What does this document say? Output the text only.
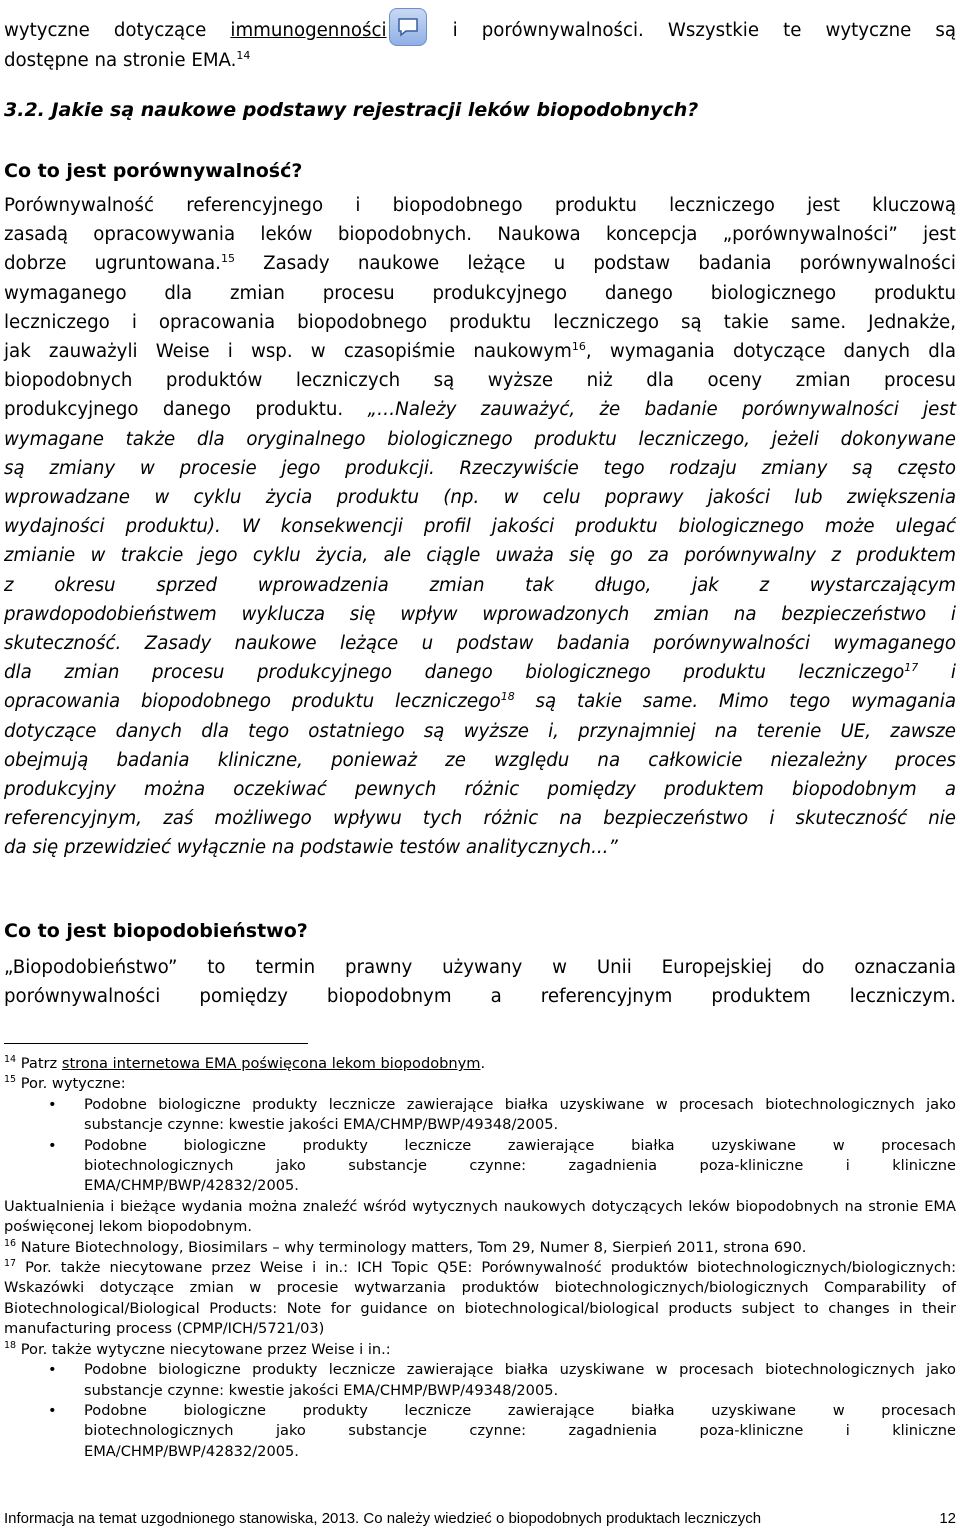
wytyczne dotyczące immunogenności	i porównywalności. Wszystkie te wytyczne są
dostępne na stronie EMA.$^{14}$
3.2. Jakie są naukowe podstawy rejestracji leków biopodobnych?
Co to jest porównywalność?
Porównywalność referencyjnego i biopodobnego produktu leczniczego jest kluczową
zasadą opracowywania leków biopodobnych. Naukowa koncepcja „porównywalności” jest
dobrze ugruntowana.$^{15}$ Zasady naukowe leżące u podstaw badania porównywalności
wymaganego dla zmian procesu produkcyjnego danego biologicznego produktu
leczniczego i opracowania biopodobnego produktu leczniczego są takie same. Jednakże,
jak zauważyli Weise i wsp. w czasopiśmie naukowym$^{16}$, wymagania dotyczące danych dla
biopodobnych produktów leczniczych są wyższe niż dla oceny zmian procesu
produkcyjnego danego produktu. „…Należy zauważyć, że badanie porównywalności jest
wymagane także dla oryginalnego biologicznego produktu leczniczego, jeżeli dokonywane
są zmiany w procesie jego produkcji. Rzeczywiście tego rodzaju zmiany są często
wprowadzane w cyklu życia produktu (np. w celu poprawy jakości lub zwiększenia
wydajności produktu). W konsekwencji profil jakości produktu biologicznego może ulegać
zmianie w trakcie jego cyklu życia, ale ciągle uważa się go za porównywalny z produktem
z okresu sprzed wprowadzenia zmian tak długo, jak z wystarczającym
prawdopodobieństwem wyklucza się wpływ wprowadzonych zmian na bezpieczeństwo i
skuteczność. Zasady naukowe leżące u podstaw badania porównywalności wymaganego
dla zmian procesu produkcyjnego danego biologicznego produktu leczniczego$^{17}$ i
opracowania biopodobnego produktu leczniczego$^{18}$ są takie same. Mimo tego wymagania
dotyczące danych dla tego ostatniego są wyższe i, przynajmniej na terenie UE, zawsze
obejmują badania kliniczne, ponieważ ze względu na całkowicie niezależny proces
produkcyjny można oczekiwać pewnych różnic pomiędzy produktem biopodobnym a
referencyjnym, zaś możliwego wpływu tych różnic na bezpieczeństwo i skuteczność nie
da się przewidzieć wyłącznie na podstawie testów analitycznych...”
Co to jest biopodobieństwo?
„Biopodobieństwo” to termin prawny używany w Unii Europejskiej do oznaczania
porównywalności pomiędzy biopodobnym a referencyjnym produktem leczniczym.

$^{14}$ Patrz strona internetowa EMA poświęcona lekom biopodobnym.

$^{15}$ Por. wytyczne:

• Podobne biologiczne produkty lecznicze zawierające białka uzyskiwane w procesach biotechnologicznych jako substancje czynne: kwestie jakości EMA/CHMP/BWP/49348/2005.

• Podobne biologiczne produkty lecznicze zawierające białka uzyskiwane w procesach
biotechnologicznych jako substancje czynne: zagadnienia poza-kliniczne i kliniczne
EMA/CHMP/BWP/42832/2005.

Uaktualnienia i bieżące wydania można znaleźć wśród wytycznych naukowych dotyczących leków biopodobnych na stronie EMA poświęconej lekom biopodobnym.

$^{16}$ Nature Biotechnology, Biosimilars – why terminology matters, Tom 29, Numer 8, Sierpień 2011, strona 690.

$^{17}$ Por. także niecytowane przez Weise i in.: ICH Topic Q5E: Porównywalność produktów biotechnologicznych/biologicznych: Wskazówki dotyczące zmian w procesie wytwarzania produktów biotechnologicznych/biologicznych Comparability of Biotechnological/Biological Products: Note for guidance on biotechnological/biological products subject to changes in their manufacturing process (CPMP/ICH/5721/03)

$^{18}$ Por. także wytyczne niecytowane przez Weise i in.:

• Podobne biologiczne produkty lecznicze zawierające białka uzyskiwane w procesach biotechnologicznych jako substancje czynne: kwestie jakości EMA/CHMP/BWP/49348/2005.

• Podobne biologiczne produkty lecznicze zawierające białka uzyskiwane w procesach
biotechnologicznych jako substancje czynne: zagadnienia poza-kliniczne i kliniczne
EMA/CHMP/BWP/42832/2005.

Informacja na temat uzgodnionego stanowiska, 2013. Co należy wiedzieć o biopodobnych produktach leczniczych	12
